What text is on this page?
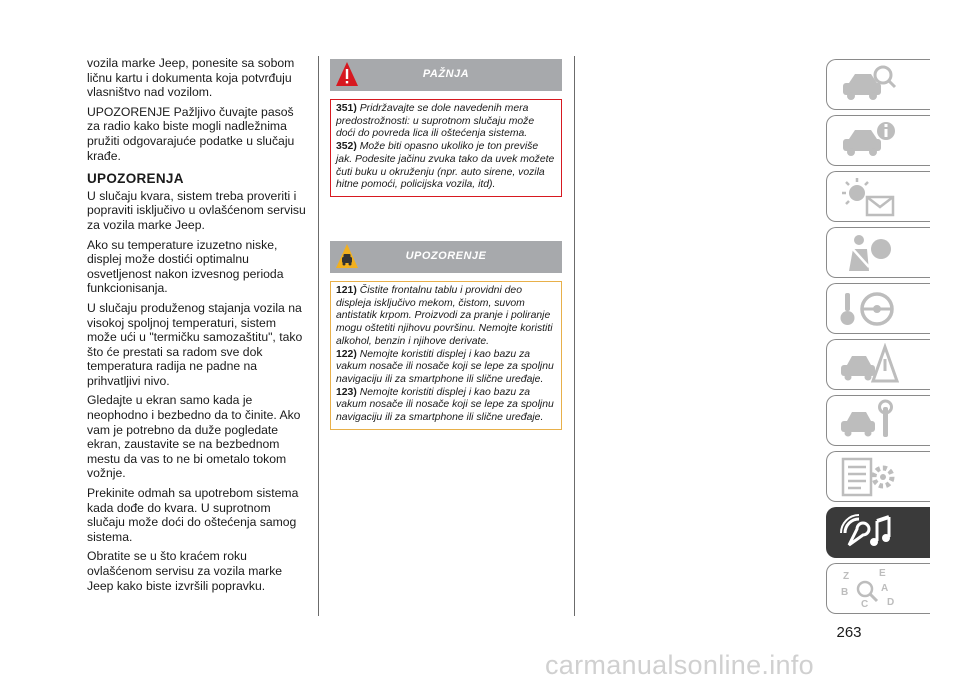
vozila marke Jeep, ponesite sa sobom ličnu kartu i dokumenta koja potvrđuju vlasništvo nad vozilom.

UPOZORENJE Pažljivo čuvajte pasoš za radio kako biste mogli nadležnima pružiti odgovarajuće podatke u slučaju krađe.

UPOZORENJA

U slučaju kvara, sistem treba proveriti i popraviti isključivo u ovlašćenom servisu za vozila marke Jeep.

Ako su temperature izuzetno niske, displej može dostići optimalnu osvetljenost nakon izvesnog perioda funkcionisanja.

U slučaju produženog stajanja vozila na visokoj spoljnoj temperaturi, sistem može ući u "termičku samozaštitu", tako što će prestati sa radom sve dok temperatura radija ne padne na prihvatljivi nivo.

Gledajte u ekran samo kada je neophodno i bezbedno da to činite. Ako vam je potrebno da duže pogledate ekran, zaustavite se na bezbednom mestu da vas to ne bi ometalo tokom vožnje.

Prekinite odmah sa upotrebom sistema kada dođe do kvara. U suprotnom slučaju može doći do oštećenja samog sistema.

Obratite se u što kraćem roku ovlašćenom servisu za vozila marke Jeep kako biste izvršili popravku.

PAŽNJA

351) Pridržavajte se dole navedenih mera predostrožnosti: u suprotnom slučaju može doći do povreda lica ili oštećenja sistema.

352) Može biti opasno ukoliko je ton previše jak. Podesite jačinu zvuka tako da uvek možete čuti buku u okruženju (npr. auto sirene, vozila hitne pomoći, policijska vozila, itd).

UPOZORENJE

121) Čistite frontalnu tablu i providni deo displeja isključivo mekom, čistom, suvom antistatik krpom. Proizvodi za pranje i poliranje mogu oštetiti njihovu površinu. Nemojte koristiti alkohol, benzin i njihove derivate.

122) Nemojte koristiti displej i kao bazu za vakum nosače ili nosače koji se lepe za spoljnu navigaciju ili za smartphone ili slične uređaje.

123) Nemojte koristiti displej i kao bazu za vakum nosače ili nosače koji se lepe za spoljnu navigaciju ili za smartphone ili slične uređaje.

Z	E
B	A
C D
263
carmanualsonline.info
